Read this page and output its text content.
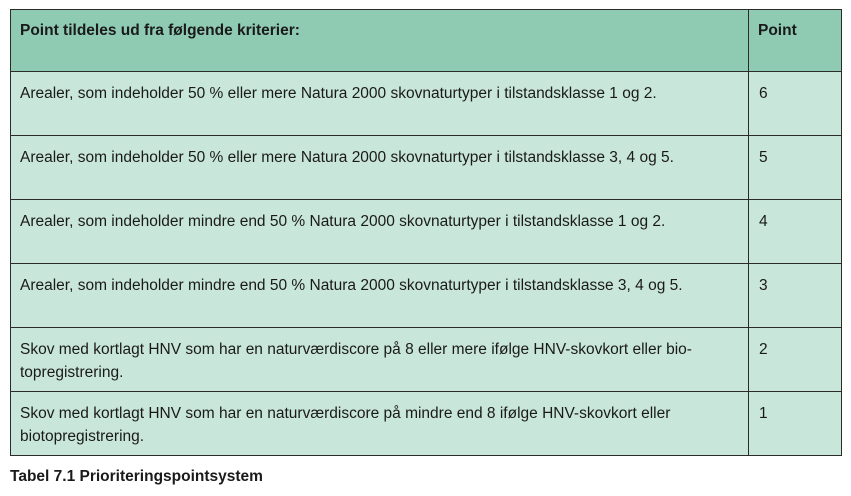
Point tildeles ud fra følgende kriterier:	Point

Arealer, som indeholder 50 % eller mere Natura 2000 skovnaturtyper i tilstandsklasse 1 og 2.	6

Arealer, som indeholder 50 % eller mere Natura 2000 skovnaturtyper i tilstandsklasse 3, 4 og 5.	5

Arealer, som indeholder mindre end 50 % Natura 2000 skovnaturtyper i tilstandsklasse 1 og 2.	4

Arealer, som indeholder mindre end 50 % Natura 2000 skovnaturtyper i tilstandsklasse 3, 4 og 5.	3

Skov med kortlagt HNV som har en naturværdiscore på 8 eller mere ifølge HNV-skovkort eller bio-topregistrering.	2

Skov med kortlagt HNV som har en naturværdiscore på mindre end 8 ifølge HNV-skovkort eller biotopregistrering.	1
Tabel 7.1 Prioriteringspointsystem
